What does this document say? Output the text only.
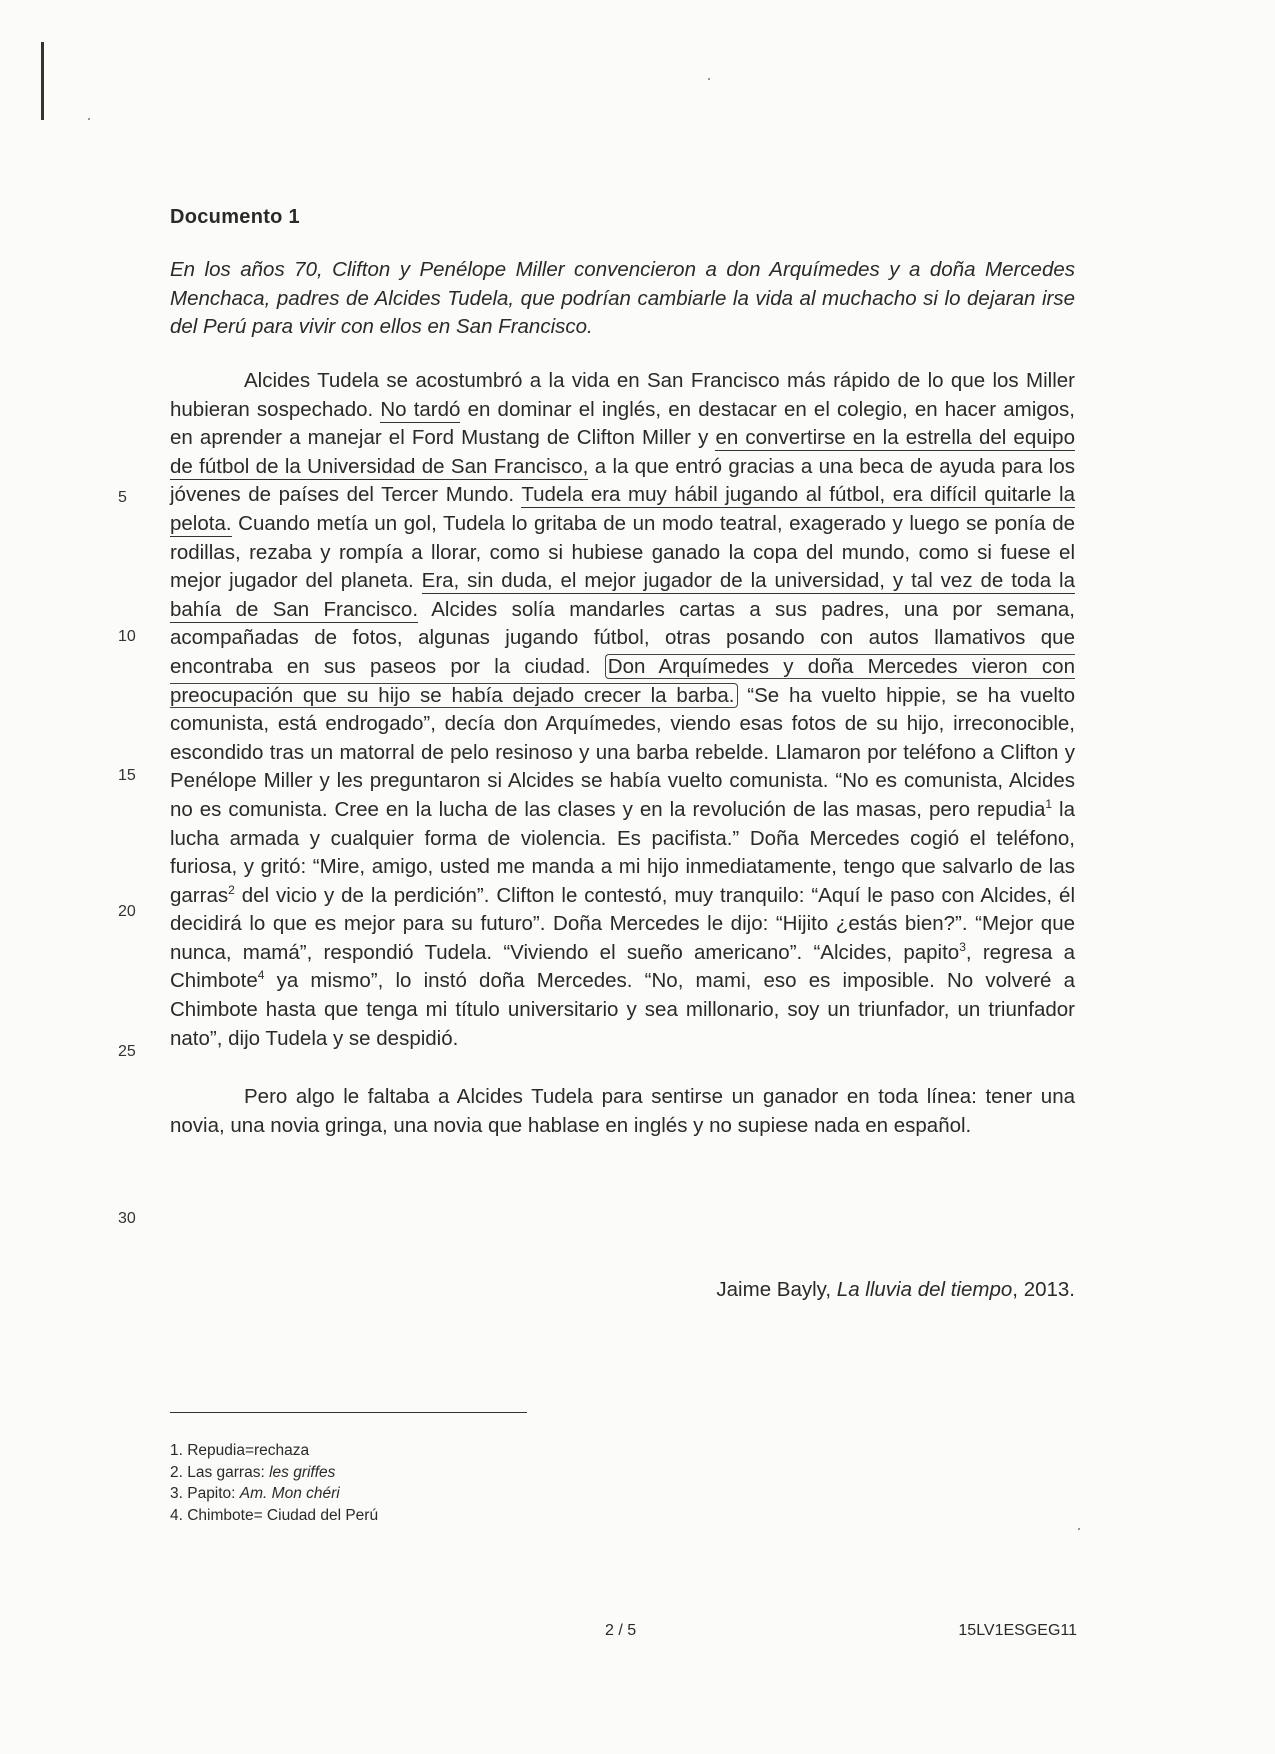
Documento 1
En los años 70, Clifton y Penélope Miller convencieron a don Arquímedes y a doña Mercedes Menchaca, padres de Alcides Tudela, que podrían cambiarle la vida al muchacho si lo dejaran irse del Perú para vivir con ellos en San Francisco.

Alcides Tudela se acostumbró a la vida en San Francisco más rápido de lo que los Miller hubieran sospechado. No tardó en dominar el inglés, en destacar en el colegio, en hacer amigos, en aprender a manejar el Ford Mustang de Clifton Miller y en convertirse en la estrella del equipo de fútbol de la Universidad de San Francisco, a la que entró gracias a una beca de ayuda para los jóvenes de países del Tercer Mundo. Tudela era muy hábil jugando al fútbol, era difícil quitarle la pelota. Cuando metía un gol, Tudela lo gritaba de un modo teatral, exagerado y luego se ponía de rodillas, rezaba y rompía a llorar, como si hubiese ganado la copa del mundo, como si fuese el mejor jugador del planeta. Era, sin duda, el mejor jugador de la universidad, y tal vez de toda la bahía de San Francisco. Alcides solía mandarles cartas a sus padres, una por semana, acompañadas de fotos, algunas jugando fútbol, otras posando con autos llamativos que encontraba en sus paseos por la ciudad. Don Arquímedes y doña Mercedes vieron con preocupación que su hijo se había dejado crecer la barba. “Se ha vuelto hippie, se ha vuelto comunista, está endrogado”, decía don Arquímedes, viendo esas fotos de su hijo, irreconocible, escondido tras un matorral de pelo resinoso y una barba rebelde. Llamaron por teléfono a Clifton y Penélope Miller y les preguntaron si Alcides se había vuelto comunista. “No es comunista, Alcides no es comunista. Cree en la lucha de las clases y en la revolución de las masas, pero repudia$^1$ la lucha armada y cualquier forma de violencia. Es pacifista.” Doña Mercedes cogió el teléfono, furiosa, y gritó: “Mire, amigo, usted me manda a mi hijo inmediatamente, tengo que salvarlo de las garras$^2$ del vicio y de la perdición”. Clifton le contestó, muy tranquilo: “Aquí le paso con Alcides, él decidirá lo que es mejor para su futuro”. Doña Mercedes le dijo: “Hijito ¿estás bien?”. “Mejor que nunca, mamá”, respondió Tudela. “Viviendo el sueño americano”. “Alcides, papito$^3$, regresa a Chimbote$^4$ ya mismo”, lo instó doña Mercedes. “No, mami, eso es imposible. No volveré a Chimbote hasta que tenga mi título universitario y sea millonario, soy un triunfador, un triunfador nato”, dijo Tudela y se despidió.

Pero algo le faltaba a Alcides Tudela para sentirse un ganador en toda línea: tener una novia, una novia gringa, una novia que hablase en inglés y no supiese nada en español.

5
10
15
20
25
30
Jaime Bayly, La lluvia del tiempo, 2013.
1. Repudia=rechaza
2. Las garras: les griffes
3. Papito: Am. Mon chéri
4. Chimbote= Ciudad del Perú
2 / 5	15LV1ESGEG11
